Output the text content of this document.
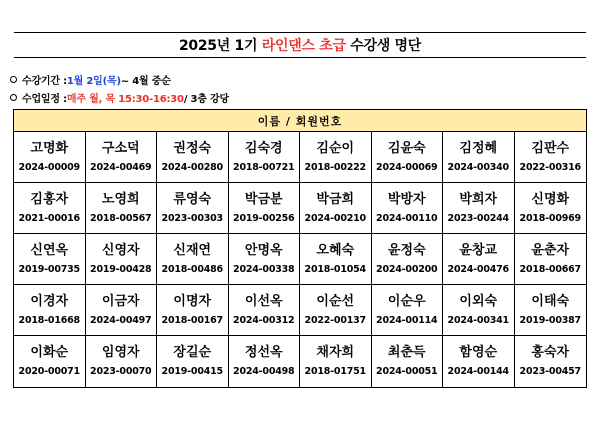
2025년 1기 라인댄스 초급 수강생 명단
수강기간 : 1월 2일(목) ~ 4월 중순
수업일정 : 매주 월, 목 15:30-16:30 / 3층 강당
이름 / 회원번호
고명화
2024-00009
구소덕
2024-00469
권정숙
2024-00280
김숙경
2018-00721
김순이
2018-00222
김윤숙
2024-00069
김정혜
2024-00340
김판수
2022-00316
김홍자
2021-00016
노영희
2018-00567
류영숙
2023-00303
박금분
2019-00256
박금희
2024-00210
박방자
2024-00110
박희자
2023-00244
신명화
2018-00969
신연옥
2019-00735
신영자
2019-00428
신재연
2018-00486
안명옥
2024-00338
오혜숙
2018-01054
윤정숙
2024-00200
윤창교
2024-00476
윤춘자
2018-00667
이경자
2018-01668
이금자
2024-00497
이명자
2018-00167
이선옥
2024-00312
이순선
2022-00137
이순우
2024-00114
이외숙
2024-00341
이태숙
2019-00387
이화순
2020-00071
임영자
2023-00070
장길순
2019-00415
정선옥
2024-00498
채자희
2018-01751
최춘득
2024-00051
함영순
2024-00144
홍숙자
2023-00457
